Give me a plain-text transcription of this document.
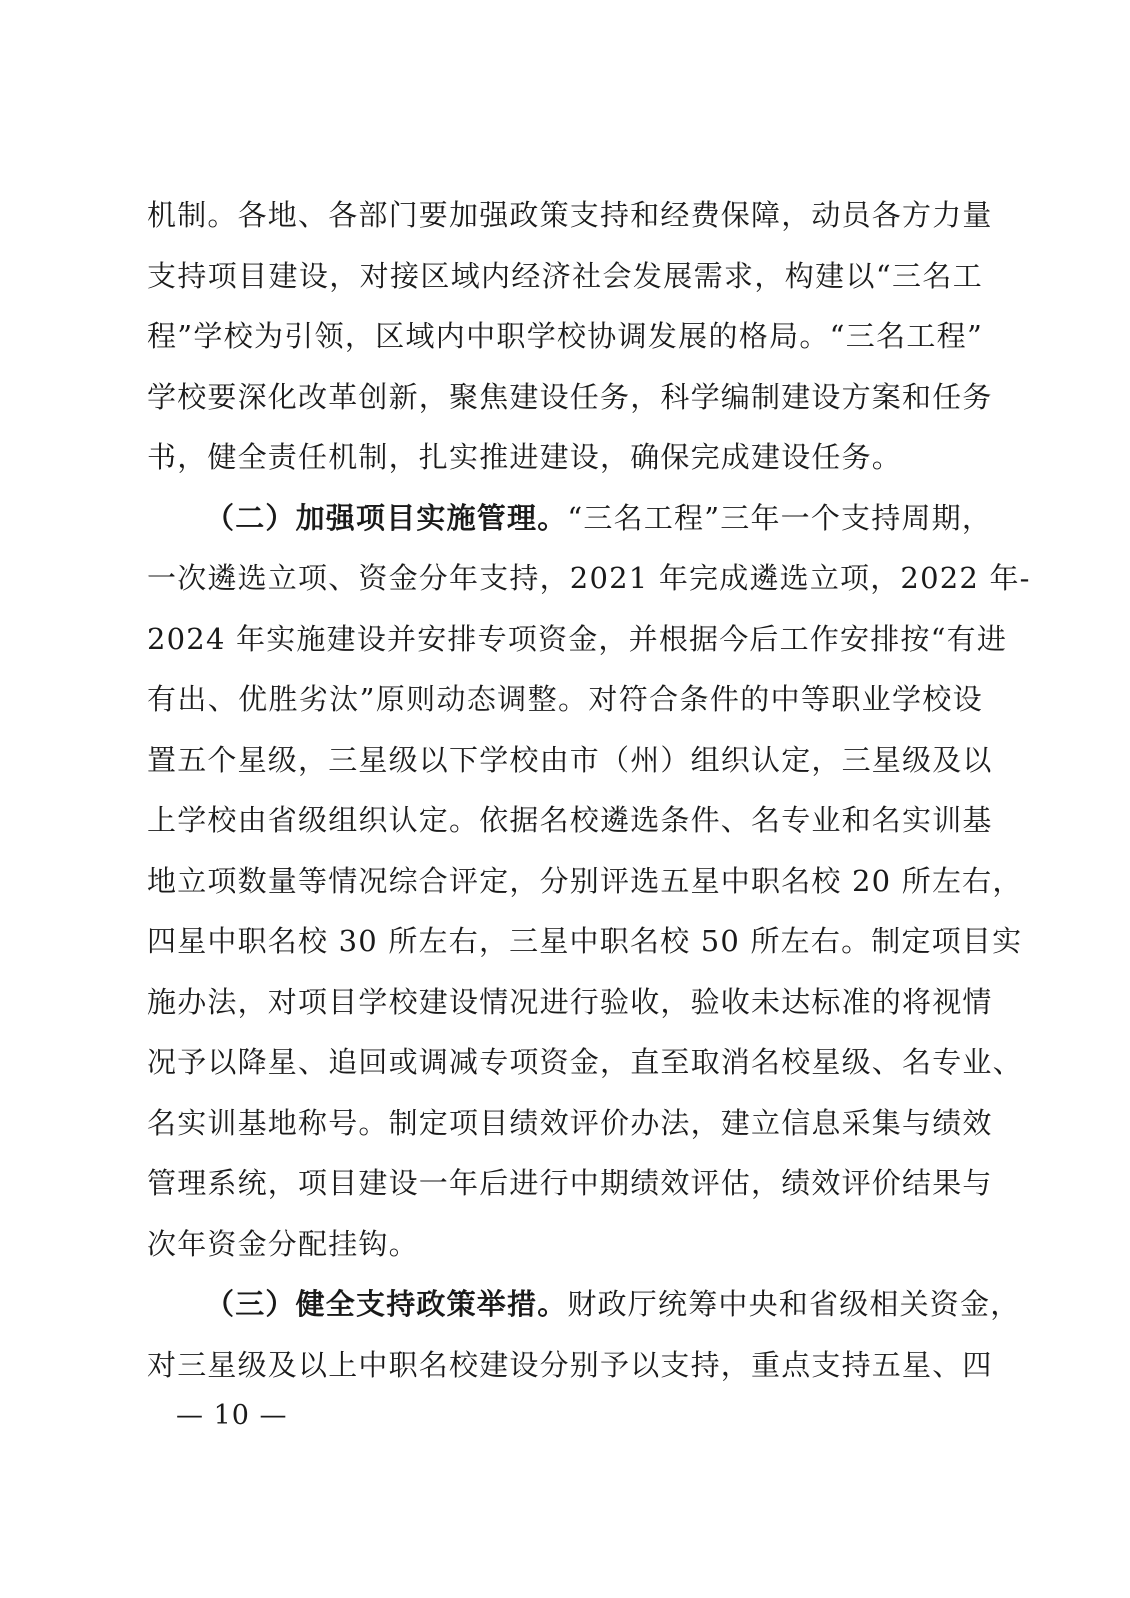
机制。各地、各部门要加强政策支持和经费保障，动员各方力量
支持项目建设，对接区域内经济社会发展需求，构建以“三名工
程”学校为引领，区域内中职学校协调发展的格局。“三名工程”
学校要深化改革创新，聚焦建设任务，科学编制建设方案和任务
书，健全责任机制，扎实推进建设，确保完成建设任务。
（二）加强项目实施管理。“三名工程”三年一个支持周期，
一次遴选立项、资金分年支持，2021 年完成遴选立项，2022 年-
2024 年实施建设并安排专项资金，并根据今后工作安排按“有进
有出、优胜劣汰”原则动态调整。对符合条件的中等职业学校设
置五个星级，三星级以下学校由市（州）组织认定，三星级及以
上学校由省级组织认定。依据名校遴选条件、名专业和名实训基
地立项数量等情况综合评定，分别评选五星中职名校 20 所左右，
四星中职名校 30 所左右，三星中职名校 50 所左右。制定项目实
施办法，对项目学校建设情况进行验收，验收未达标准的将视情
况予以降星、追回或调减专项资金，直至取消名校星级、名专业、
名实训基地称号。制定项目绩效评价办法，建立信息采集与绩效
管理系统，项目建设一年后进行中期绩效评估，绩效评价结果与
次年资金分配挂钩。
（三）健全支持政策举措。财政厅统筹中央和省级相关资金，
对三星级及以上中职名校建设分别予以支持，重点支持五星、四
— 10 —
